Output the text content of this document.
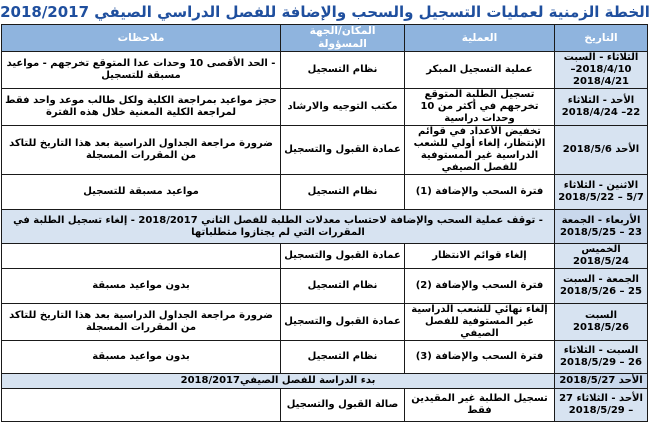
الخطة الزمنية لعمليات التسجيل والسحب والإضافة للفصل الدراسي الصيفي 2018/2017
التاريخ	العملية	المكان/الجهة المسؤولة	ملاحظات
الثلاثاء - السبت 2018/4/10–2018/4/21	عملية التسجيل المبكر	نظام التسجيل	- الحد الأقصى 10 وحدات عدا المتوقع تخرجهم - مواعيد مسبقة للتسجيل
الأحد - الثلاثاء 22– 2018/4/24	تسجيل الطلبة المتوقع تخرجهم في أكثر من 10 وحدات دراسية	مكتب التوجيه والارشاد	حجز مواعيد بمراجعة الكلية ولكل طالب موعد واحد فقط لمراجعة الكلية المعنية خلال هذه الفترة
الأحد 2018/5/6	تخفيض الأعداد في قوائم الإنتظار، إلغاء أولي للشعب الدراسية غير المستوفية للفصل الصيفي	عمادة القبول والتسجيل	ضرورة مراجعة الجداول الدراسية بعد هذا التاريخ للتاكد من المقررات المسجلة
الاثنين - الثلاثاء 5/7 – 2018/5/22	فترة السحب والإضافة (1)	نظام التسجيل	مواعيد مسبقة للتسجيل
الأربعاء - الجمعة 23 – 2018/5/25	- توقف عملية السحب والإضافة لاحتساب معدلات الطلبة للفصل الثاني 2018/2017 - إلغاء تسجيل الطلبة في المقررات التي لم يجتازوا متطلباتها		
الخميس 2018/5/24	إلغاء قوائم الانتظار	عمادة القبول والتسجيل	
الجمعة - السبت 25 – 2018/5/26	فترة السحب والإضافة (2)	نظام التسجيل	بدون مواعيد مسبقة
السبت 2018/5/26	إلغاء نهائي للشعب الدراسية غير المستوفية للفصل الصيفي	عمادة القبول والتسجيل	ضرورة مراجعة الجداول الدراسية بعد هذا التاريخ للتاكد من المقررات المسجلة
السبت - الثلاثاء 26 – 2018/5/29	فترة السحب والإضافة (3)	نظام التسجيل	بدون مواعيد مسبقة
الأحد 2018/5/27	بدء الدراسة للفصل الصيفي2018/2017		
الأحد - الثلاثاء 27 – 2018/5/29	تسجيل الطلبة غير المقيدين فقط	صالة القبول والتسجيل	
